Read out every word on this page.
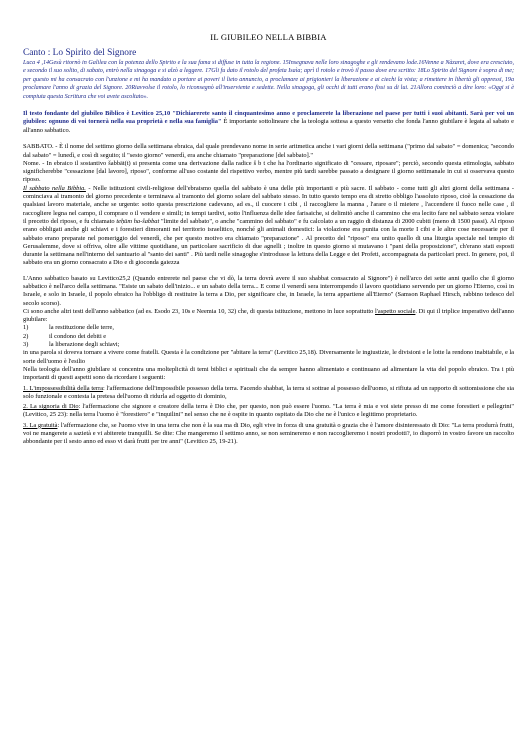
IL GIUBILEO NELLA BIBBIA
Canto : Lo Spirito del Signore

Luca 4 ,14Gesù ritornò in Galilea con la potenza dello Spirito e la sua fama si diffuse in tutta la regione. 15Insegnava nelle loro sinagoghe e gli rendevano lode.16Venne a Nàzaret, dove era cresciuto, e secondo il suo solito, di sabato, entrò nella sinagoga e si alzò a leggere. 17Gli fu dato il rotolo del profeta Isaìa; aprì il rotolo e trovò il passo dove era scritto: 18Lo Spirito del Signore è sopra di me; per questo mi ha consacrato con l'unzione e mi ha mandato a portare ai poveri il lieto annuncio, a proclamare ai prigionieri la liberazione e ai ciechi la vista; a rimettere in libertà gli oppressi, 19a proclamare l'anno di grazia del Signore. 20Riavvolse il rotolo, lo riconsegnò all'inserviente e sedette. Nella sinagoga, gli occhi di tutti erano fissi su di lui. 21Allora cominciò a dire loro: «Oggi si è compiuta questa Scrittura che voi avete ascoltato».

Il testo fondante del giubileo Biblico è Levitico 25,10 "Dichiarerete santo il cinquantesimo anno e proclamerete la liberazione nel paese per tutti i suoi abitanti. Sarà per voi un giubileo: ognuno di voi tornerà nella sua proprietà e nella sua famiglia" È importante sottolineare che la teologia sottesa a questo versetto che fonda l'anno giubilare è legata al sabato e all'anno sabbatico.

SABBATO. - È il nome del settimo giorno della settimana ebraica, dal quale prendevano nome in serie aritmetica anche i vari giorni della settimana ("primo dal sabato" = domenica; "secondo dal sabato" = lunedì, e così di seguito; il "sesto giorno" venerdì, era anche chiamato "preparazione [del sabbato]."

Nome. - In ebraico il sostantivo šabbāt(t) si presenta come una derivazione dalla radice š b t che ha l'ordinario significato di "cessare, riposare"; perciò, secondo questa etimologia, sabbato significherebbe "cessazione [dal lavoro], riposo", conforme all'uso costante del rispettivo verbo, mentre più tardi sarebbe passato a designare il giorno settimanale in cui si osservava questo riposo.

Il sabbato nella Bibbia. - Nelle istituzioni civili-religiose dell'ebraismo quella del sabbato è una delle più importanti e più sacre. Il sabbato - come tutti gli altri giorni della settimana - cominciava al tramonto del giorno precedente e terminava al tramonto del giorno solare del sabbato stesso. In tutto questo tempo era di stretto obbligo l'assoluto riposo, cioè la cessazione da qualsiasi lavoro materiale, anche se urgente: sotto questa prescrizione cadevano, ad es., il cuocere i cibi , il raccogliere la manna , l'arare o il mietere , l'accendere il fuoco nelle case , il raccogliere legna nel campo, il comprare o il vendere e simili; in tempi tardivi, sotto l'influenza delle idee farisaiche, si delimitò anche il cammino che era lecito fare nel sabbato senza violare il precetto del riposo, e fu chiamato teḥūm ha-šabbat "limite del sabbato", o anche "cammino del sabbato" e fu calcolato a un raggio di distanza di 2000 cubiti (meno di 1500 passi). Al riposo erano obbligati anche gli schiavi e i forestieri dimoranti nel territorio israelitico, nonché gli animali domestici: la violazione era punita con la morte I cibi e le altre cose necessarie per il sabbato erano preparate nel pomeriggio del venerdì, che per questo motivo era chiamato "preparazione" . Al precetto del "riposo" era unito quello di una liturgia speciale nel tempio di Gerusalemme, dove si offriva, oltre alle vittime quotidiane, un particolare sacrificio di due agnelli ; inoltre in questo giorno si mutavano i "pani della proposizione", ch'erano stati esposti durante la settimana nell'interno del santuario al "santo dei santi" . Più tardi nelle sinagoghe s'introdusse la lettura della Legge e dei Profeti, accompagnata da particolari preci. In genere, poi, il sabbato era un giorno consacrato a Dio e di gioconda gaiezza

L'Anno sabbatico basato su Levitico25,2 (Quando entrerete nel paese che vi dò, la terra dovrà avere il suo shabbat consacrato al Signore") è nell'arco dei sette anni quello che il giorno sabbatico è nell'arco della settimana. "Esiste un sabato dell'inizio... e un sabato della terra... E come il venerdì sera interrompendo il lavoro quotidiano servendo per un giorno l'Eterno, così in Israele, e solo in Israele, il popolo ebraico ha l'obbligo di restituire la terra a Dio, per significare che, in Israele, la terra appartiene all'Eterno" (Samson Raphael Hirsch, rabbino tedesco del secolo scorso).

Ci sono anche altri testi dell'anno sabbatico (ad es. Esodo 23, 10s e Neemia 10, 32) che, di questa istituzione, mettono in luce soprattutto l'aspetto sociale. Di qui il triplice imperativo dell'anno giubilare:

1)	la restituzione delle terre,
2)	il condono dei debiti e
3)	la liberazione degli schiavi;

in una parola si doveva tornare a vivere come fratelli. Questa è la condizione per "abitare la terra" (Levitico 25,18). Diversamente le ingiustizie, le divisioni e le lotte la rendono inabitabile, e la sorte dell'uomo è l'esilio

Nella teologia dell'anno giubilare si concentra una molteplicità di temi biblici e spirituali che da sempre hanno alimentato e continuano ad alimentare la vita del popolo ebraico. Tra i più importanti di questi aspetti sono da ricordare i seguenti:

1. L'impossessibilità della terra: l'affermazione dell'impossibile possesso della terra. Facendo shabbat, la terra si sottrae al possesso dell'uomo, si rifiuta ad un rapporto di sottomissione che sia solo funzionale e contesta la pretesa dell'uomo di ridurla ad oggetto di dominio,

2. La signoria di Dio: l'affermazione che signore e creatore della terra è Dio che, per questo, non può essere l'uomo. "La terra è mia e voi siete presso di me come forestieri e pellegrini" (Levitico, 25 23): nella terra l'uomo è "forestiero" e "inquilini" nel senso che ne è ospite in quanto ospitato da Dio che ne è l'unico e legittimo proprietario.

3. La gratuità: l'affermazione che, se l'uomo vive in una terra che non è la sua ma di Dio, egli vive in forza di una gratuità o grazia che è l'amore disinteressato di Dio: "La terra produrrà frutti, voi ne mangerete a sazietà e vi abiterete tranquilli. Se dite: Che mangeremo il settimo anno, se non semineremo e non raccoglieremo i nostri prodotti?, io disporrò in vostro favore un raccolto abbondante per il sesto anno ed esso vi darà frutti per tre anni" (Levitico 25, 19-21).
